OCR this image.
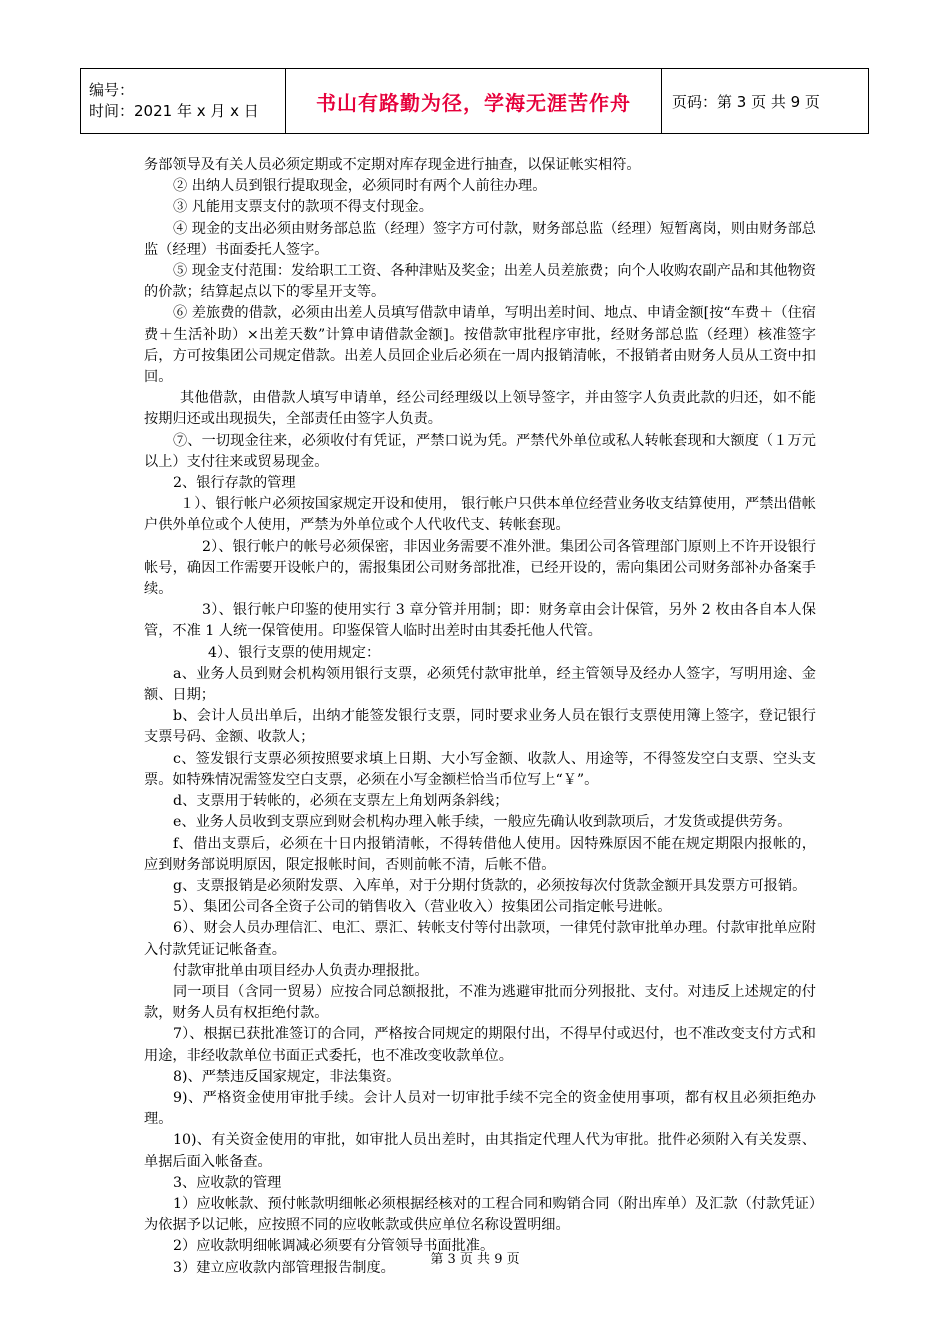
编号：
时间：2021 年 x 月 x 日	书山有路勤为径，学海无涯苦作舟	页码：第 3 页 共 9 页

务部领导及有关人员必须定期或不定期对库存现金进行抽查，以保证帐实相符。

② 出纳人员到银行提取现金，必须同时有两个人前往办理。

③ 凡能用支票支付的款项不得支付现金。

④ 现金的支出必须由财务部总监（经理）签字方可付款，财务部总监（经理）短暂离岗，则由财务部总监（经理）书面委托人签字。

⑤ 现金支付范围：发给职工工资、各种津贴及奖金；出差人员差旅费；向个人收购农副产品和其他物资的价款；结算起点以下的零星开支等。

⑥ 差旅费的借款，必须由出差人员填写借款申请单，写明出差时间、地点、申请金额[按“车费＋（住宿费＋生活补助）×出差天数”计算申请借款金额]。按借款审批程序审批，经财务部总监（经理）核准签字后，方可按集团公司规定借款。出差人员回企业后必须在一周内报销清帐，不报销者由财务人员从工资中扣回。

其他借款，由借款人填写申请单，经公司经理级以上领导签字，并由签字人负责此款的归还，如不能按期归还或出现损失，全部责任由签字人负责。

⑦、一切现金往来，必须收付有凭证，严禁口说为凭。严禁代外单位或私人转帐套现和大额度（１万元以上）支付往来或贸易现金。

2、银行存款的管理

１）、银行帐户必须按国家规定开设和使用， 银行帐户只供本单位经营业务收支结算使用，严禁出借帐户供外单位或个人使用，严禁为外单位或个人代收代支、转帐套现。

2）、银行帐户的帐号必须保密，非因业务需要不准外泄。集团公司各管理部门原则上不许开设银行帐号，确因工作需要开设帐户的，需报集团公司财务部批准，已经开设的，需向集团公司财务部补办备案手续。

3）、银行帐户印鉴的使用实行 3 章分管并用制；即：财务章由会计保管，另外 2 枚由各自本人保管，不准 1 人统一保管使用。印鉴保管人临时出差时由其委托他人代管。

4）、银行支票的使用规定：

a、业务人员到财会机构领用银行支票，必须凭付款审批单，经主管领导及经办人签字，写明用途、金额、日期；

b、会计人员出单后，出纳才能签发银行支票，同时要求业务人员在银行支票使用簿上签字，登记银行支票号码、金额、收款人；

c、签发银行支票必须按照要求填上日期、大小写金额、收款人、用途等，不得签发空白支票、空头支票。如特殊情况需签发空白支票，必须在小写金额栏恰当币位写上“￥”。

d、支票用于转帐的，必须在支票左上角划两条斜线；

e、业务人员收到支票应到财会机构办理入帐手续，一般应先确认收到款项后，才发货或提供劳务。

f、借出支票后，必须在十日内报销清帐，不得转借他人使用。因特殊原因不能在规定期限内报帐的，应到财务部说明原因，限定报帐时间，否则前帐不清，后帐不借。

g、支票报销是必须附发票、入库单，对于分期付货款的，必须按每次付货款金额开具发票方可报销。

5）、集团公司各全资子公司的销售收入（营业收入）按集团公司指定帐号进帐。

6）、财会人员办理信汇、电汇、票汇、转帐支付等付出款项，一律凭付款审批单办理。付款审批单应附入付款凭证记帐备查。

付款审批单由项目经办人负责办理报批。

同一项目（含同一贸易）应按合同总额报批，不准为逃避审批而分列报批、支付。对违反上述规定的付款，财务人员有权拒绝付款。

7）、根据已获批准签订的合同，严格按合同规定的期限付出，不得早付或迟付，也不准改变支付方式和用途，非经收款单位书面正式委托，也不准改变收款单位。

8)、严禁违反国家规定，非法集资。

9)、严格资金使用审批手续。会计人员对一切审批手续不完全的资金使用事项，都有权且必须拒绝办理。

10)、有关资金使用的审批，如审批人员出差时，由其指定代理人代为审批。批件必须附入有关发票、单据后面入帐备查。

3、应收款的管理

1）应收帐款、预付帐款明细帐必须根据经核对的工程合同和购销合同（附出库单）及汇款（付款凭证）为依据予以记帐，应按照不同的应收帐款或供应单位名称设置明细。

2）应收款明细帐调减必须要有分管领导书面批准。

3）建立应收款内部管理报告制度。

第 3 页 共 9 页
